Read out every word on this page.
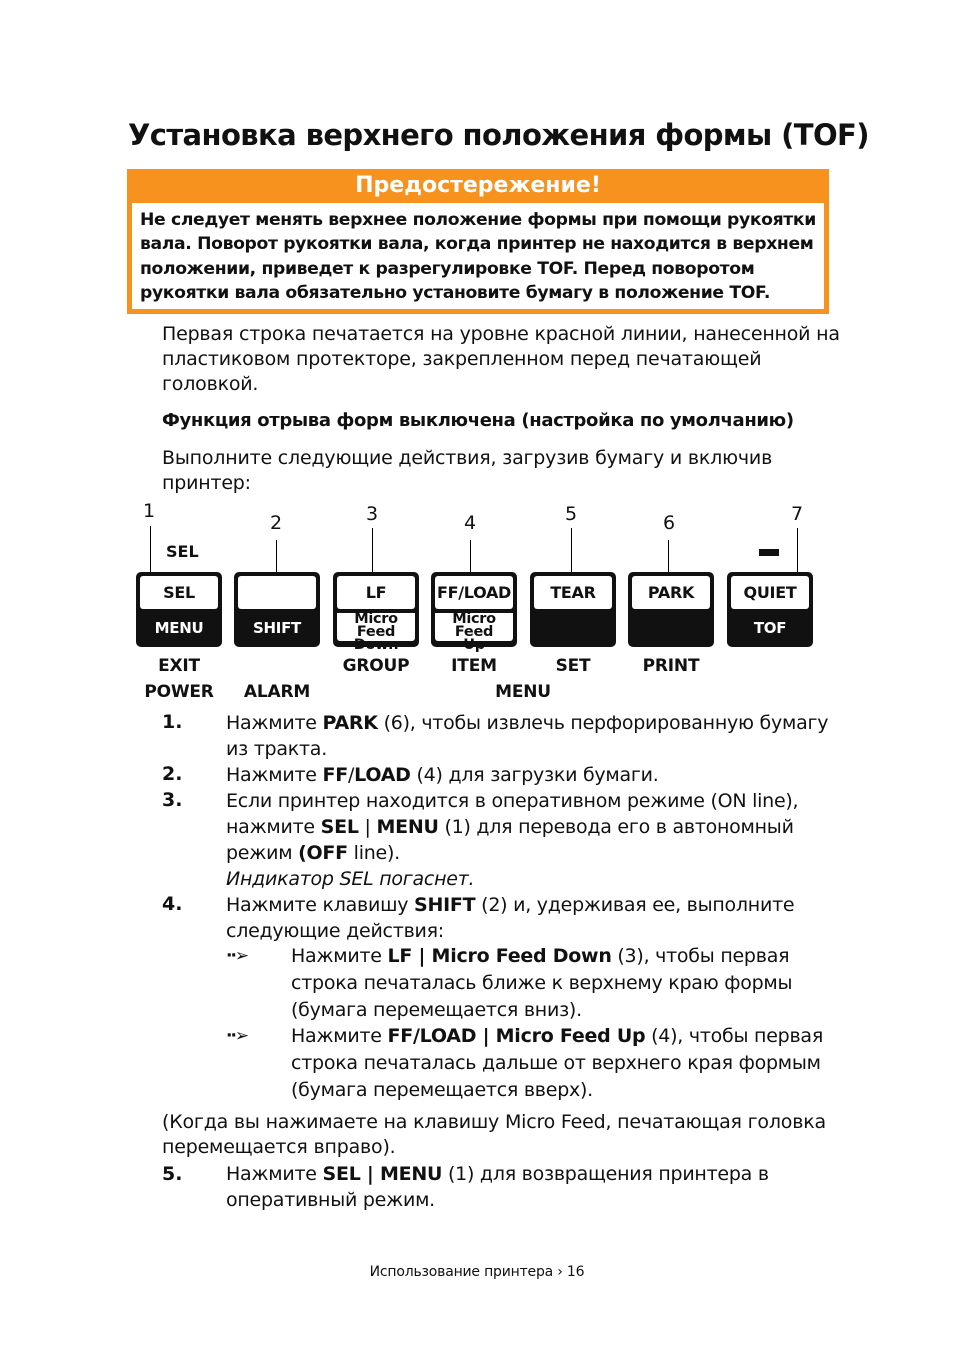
Установка верхнего положения формы (TOF)
Предостережение!
Не следует менять верхнее положение формы при помощи рукоятки
вала. Поворот рукоятки вала, когда принтер не находится в верхнем
положении, приведет к разрегулировке TOF. Перед поворотом
рукоятки вала обязательно установите бумагу в положение TOF.
Первая строка печатается на уровне красной линии, нанесенной на
пластиковом протекторе, закрепленном перед печатающей
головкой.
Функция отрыва форм выключена (настройка по умолчанию)
Выполните следующие действия, загрузив бумагу и включив
принтер:
1
2	3	4	5	6	7
SEL
SEL
MENU	SHIFT
LF
Micro Feed
Down
FF/LOAD
Micro Feed
Up
TEAR	PARK	QUIET
TOF
EXIT	GROUP	ITEM	SET	PRINT
POWER	ALARM	MENU
1. Нажмите PARK (6), чтобы извлечь перфорированную бумагу
из тракта.
2. Нажмите FF/LOAD (4) для загрузки бумаги.
3. Если принтер находится в оперативном режиме (ON line),
нажмите SEL | MENU (1) для перевода его в автономный
режим (OFF line).
Индикатор SEL погаснет.
4. Нажмите клавишу SHIFT (2) и, удерживая ее, выполните
следующие действия:
··➢ Нажмите LF | Micro Feed Down (3), чтобы первая
строка печаталась ближе к верхнему краю формы
(бумага перемещается вниз).
··➢ Нажмите FF/LOAD | Micro Feed Up (4), чтобы первая
строка печаталась дальше от верхнего края формым
(бумага перемещается вверх).
(Когда вы нажимаете на клавишу Micro Feed, печатающая головка
перемещается вправо).
5. Нажмите SEL | MENU (1) для возвращения принтера в
оперативный режим.
Использование принтера › 16
